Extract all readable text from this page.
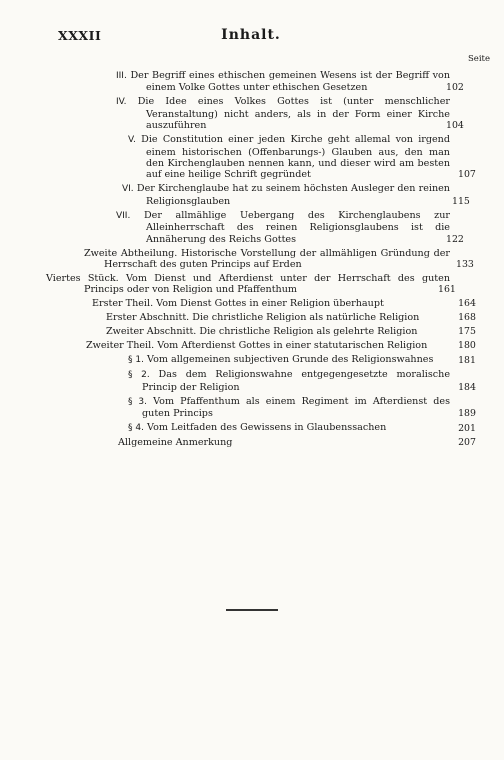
XXXII	Inhalt.
Seite
III. Der Begriff eines ethischen gemeinen Wesens ist der Begriff von einem Volke Gottes unter ethischen Gesetzen	102
IV. Die Idee eines Volkes Gottes ist (unter menschlicher Veranstaltung) nicht anders, als in der Form einer Kirche auszuführen	104
V. Die Constitution einer jeden Kirche geht allemal von irgend einem historischen (Offenbarungs-) Glauben aus, den man den Kirchenglauben nennen kann, und dieser wird am besten auf eine heilige Schrift gegründet	107
VI. Der Kirchenglaube hat zu seinem höchsten Ausleger den reinen Religionsglauben	115
VII. Der allmählige Uebergang des Kirchenglaubens zur Alleinherrschaft des reinen Religionsglaubens ist die Annäherung des Reichs Gottes	122
Zweite Abtheilung. Historische Vorstellung der allmähligen Gründung der Herrschaft des guten Princips auf Erden	133
Viertes Stück. Vom Dienst und Afterdienst unter der Herrschaft des guten Princips oder von Religion und Pfaffenthum	161
Erster Theil. Vom Dienst Gottes in einer Religion überhaupt	164
Erster Abschnitt. Die christliche Religion als natürliche Religion	168
Zweiter Abschnitt. Die christliche Religion als gelehrte Religion	175
Zweiter Theil. Vom Afterdienst Gottes in einer statutarischen Religion	180
§ 1. Vom allgemeinen subjectiven Grunde des Religionswahnes	181
§ 2. Das dem Religionswahne entgegengesetzte moralische Princip der Religion	184
§ 3. Vom Pfaffenthum als einem Regiment im Afterdienst des guten Princips	189
§ 4. Vom Leitfaden des Gewissens in Glaubenssachen	201
Allgemeine Anmerkung	207
